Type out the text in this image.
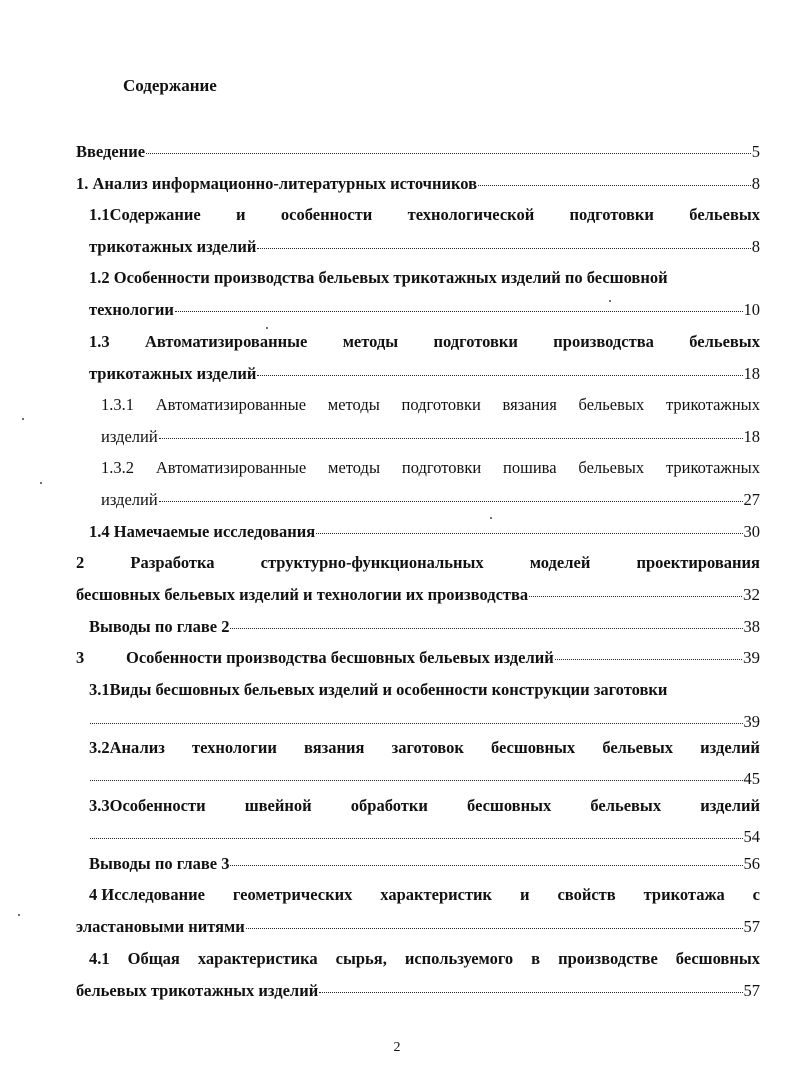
Содержание
Введение	5
1. Анализ информационно-литературных источников	8
1.1Содержание и особенности технологической подготовки бельевых
трикотажных изделий	8
1.2 Особенности производства бельевых трикотажных изделий по бесшовной
технологии	10
1.3 Автоматизированные методы подготовки производства бельевых
трикотажных изделий	18
1.3.1 Автоматизированные методы подготовки вязания бельевых трикотажных
изделий	18
1.3.2 Автоматизированные методы подготовки пошива бельевых трикотажных
изделий	27
1.4 Намечаемые исследования	30
2	Разработка	структурно-функциональных	моделей	проектирования
бесшовных бельевых изделий и технологии их производства	32
Выводы по главе 2	38
3	Особенности производства бесшовных бельевых изделий	39
3.1Виды бесшовных бельевых изделий и особенности конструкции заготовки
39
3.2Анализ технологии вязания заготовок бесшовных бельевых изделий
45
3.3Особенности швейной обработки бесшовных бельевых изделий
54
Выводы по главе 3	56
4 Исследование геометрических характеристик и свойств трикотажа с
эластановыми нитями	57
4.1 Общая характеристика сырья, используемого в производстве бесшовных
бельевых трикотажных изделий	57
2
